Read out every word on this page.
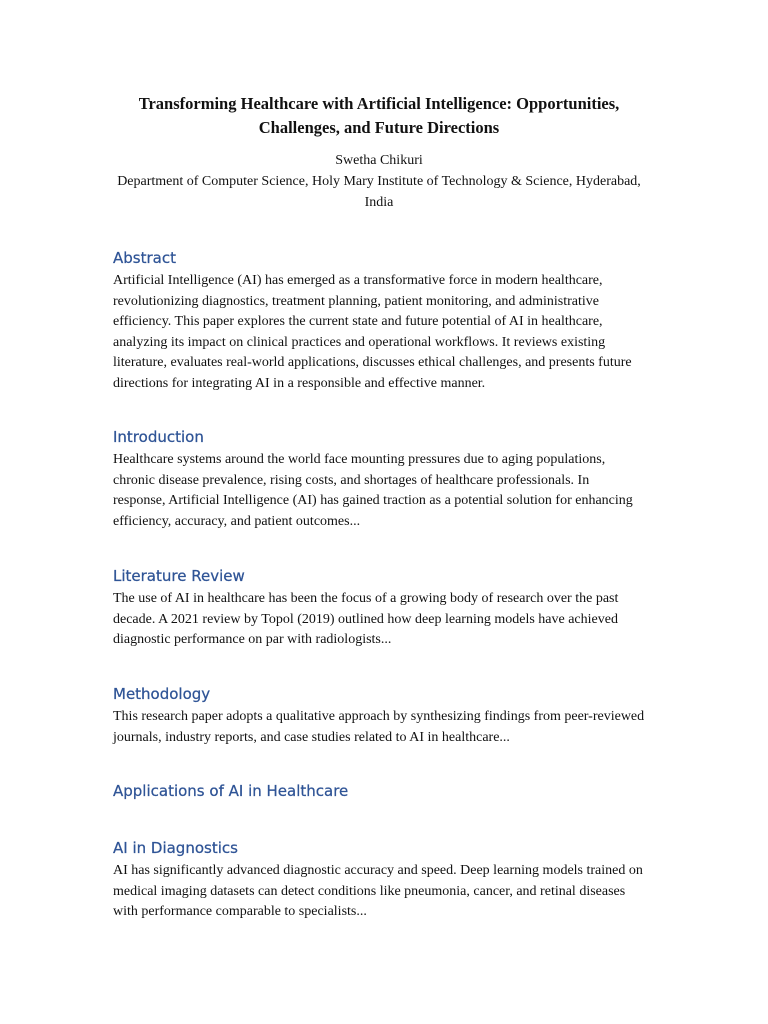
Transforming Healthcare with Artificial Intelligence: Opportunities, Challenges, and Future Directions
Swetha Chikuri
Department of Computer Science, Holy Mary Institute of Technology & Science, Hyderabad, India
Abstract

Artificial Intelligence (AI) has emerged as a transformative force in modern healthcare, revolutionizing diagnostics, treatment planning, patient monitoring, and administrative efficiency. This paper explores the current state and future potential of AI in healthcare, analyzing its impact on clinical practices and operational workflows. It reviews existing literature, evaluates real-world applications, discusses ethical challenges, and presents future directions for integrating AI in a responsible and effective manner.

Introduction

Healthcare systems around the world face mounting pressures due to aging populations, chronic disease prevalence, rising costs, and shortages of healthcare professionals. In response, Artificial Intelligence (AI) has gained traction as a potential solution for enhancing efficiency, accuracy, and patient outcomes...

Literature Review

The use of AI in healthcare has been the focus of a growing body of research over the past decade. A 2021 review by Topol (2019) outlined how deep learning models have achieved diagnostic performance on par with radiologists...

Methodology

This research paper adopts a qualitative approach by synthesizing findings from peer-reviewed journals, industry reports, and case studies related to AI in healthcare...

Applications of AI in Healthcare
AI in Diagnostics

AI has significantly advanced diagnostic accuracy and speed. Deep learning models trained on medical imaging datasets can detect conditions like pneumonia, cancer, and retinal diseases with performance comparable to specialists...
